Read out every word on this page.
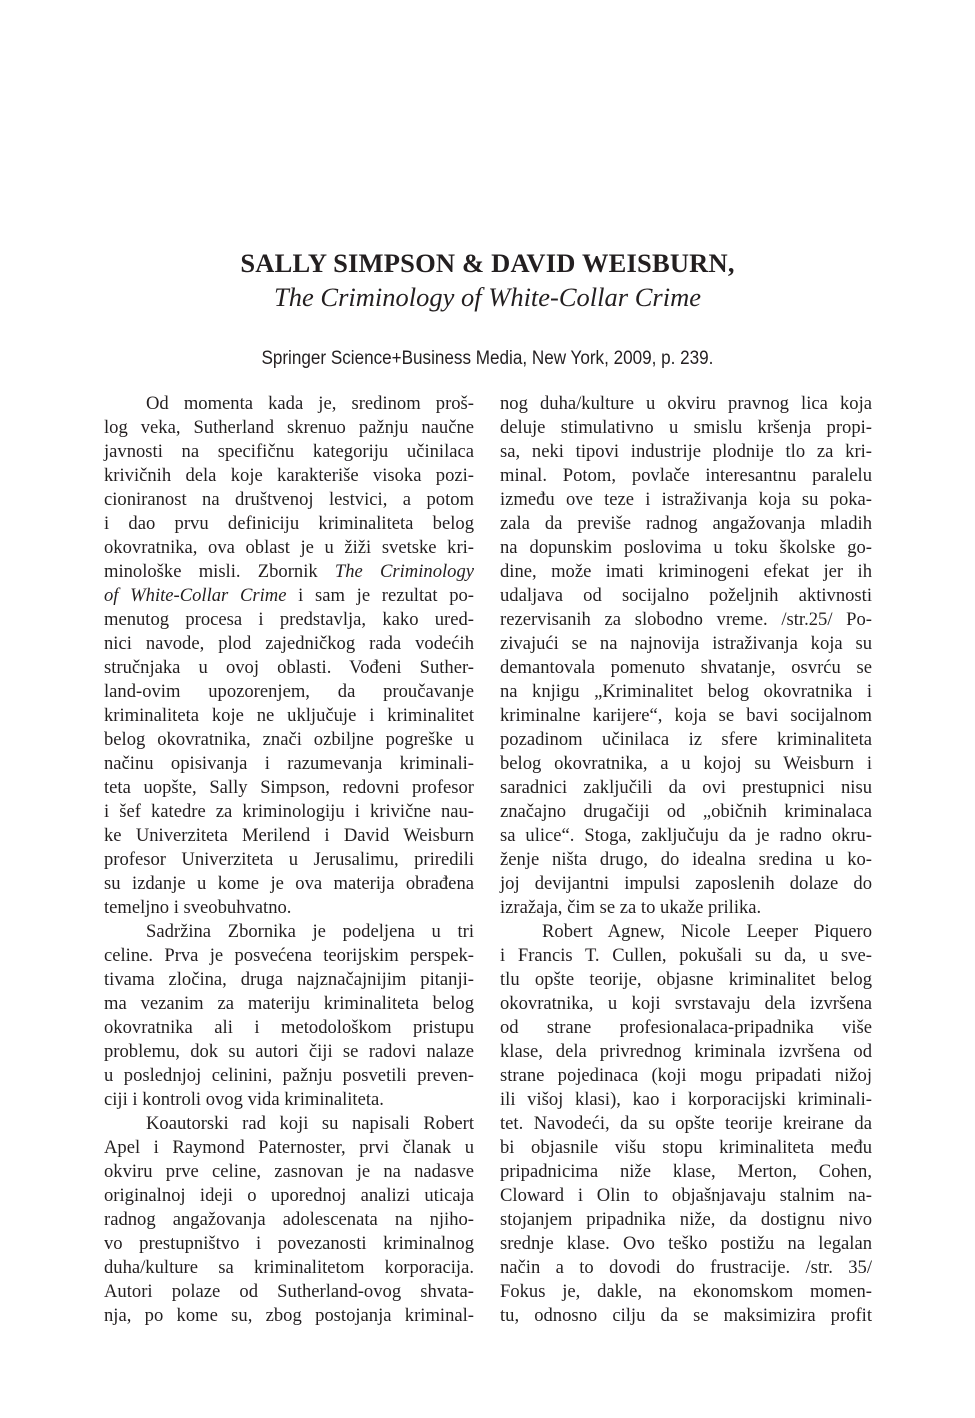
SALLY SIMPSON & DAVID WEISBURN,
The Criminology of White-Collar Crime
Springer Science+Business Media, New York, 2009, p. 239.
Od momenta kada je, sredinom proš-
log veka, Sutherland skrenuo pažnju naučne
javnosti na specifičnu kategoriju učinilaca
krivičnih dela koje karakteriše visoka pozi-
cioniranost na društvenoj lestvici, a potom
i dao prvu definiciju kriminaliteta belog
okovratnika, ova oblast je u žiži svetske kri-
minološke misli. Zbornik The Criminology
of White-Collar Crime i sam je rezultat po-
menutog procesa i predstavlja, kako ured-
nici navode, plod zajedničkog rada vodećih
stručnjaka u ovoj oblasti. Vođeni Suther-
land-ovim upozorenjem, da proučavanje
kriminaliteta koje ne uključuje i kriminalitet
belog okovratnika, znači ozbiljne pogreške u
načinu opisivanja i razumevanja kriminali-
teta uopšte, Sally Simpson, redovni profesor
i šef katedre za kriminologiju i krivične nau-
ke Univerziteta Merilend i David Weisburn
profesor Univerziteta u Jerusalimu, priredili
su izdanje u kome je ova materija obrađena
temeljno i sveobuhvatno.
Sadržina Zbornika je podeljena u tri
celine. Prva je posvećena teorijskim perspek-
tivama zločina, druga najznačajnijim pitanji-
ma vezanim za materiju kriminaliteta belog
okovratnika ali i metodološkom pristupu
problemu, dok su autori čiji se radovi nalaze
u poslednjoj celinini, pažnju posvetili preven-
ciji i kontroli ovog vida kriminaliteta.
Koautorski rad koji su napisali Robert
Apel i Raymond Paternoster, prvi članak u
okviru prve celine, zasnovan je na nadasve
originalnoj ideji o uporednoj analizi uticaja
radnog angažovanja adolescenata na njiho-
vo prestupništvo i povezanosti kriminalnog
duha/kulture sa kriminalitetom korporacija.
Autori polaze od Sutherland-ovog shvata-
nja, po kome su, zbog postojanja kriminal-
nog duha/kulture u okviru pravnog lica koja
deluje stimulativno u smislu kršenja propi-
sa, neki tipovi industrije plodnije tlo za kri-
minal. Potom, povlače interesantnu paralelu
između ove teze i istraživanja koja su poka-
zala da previše radnog angažovanja mladih
na dopunskim poslovima u toku školske go-
dine, može imati kriminogeni efekat jer ih
udaljava od socijalno poželjnih aktivnosti
rezervisanih za slobodno vreme. /str.25/ Po-
zivajući se na najnovija istraživanja koja su
demantovala pomenuto shvatanje, osvrću se
na knjigu „Kriminalitet belog okovratnika i
kriminalne karijere“, koja se bavi socijalnom
pozadinom učinilaca iz sfere kriminaliteta
belog okovratnika, a u kojoj su Weisburn i
saradnici zaključili da ovi prestupnici nisu
značajno drugačiji od „običnih kriminalaca
sa ulice“. Stoga, zaključuju da je radno okru-
ženje ništa drugo, do idealna sredina u ko-
joj devijantni impulsi zaposlenih dolaze do
izražaja, čim se za to ukaže prilika.
Robert Agnew, Nicole Leeper Piquero
i Francis T. Cullen, pokušali su da, u sve-
tlu opšte teorije, objasne kriminalitet belog
okovratnika, u koji svrstavaju dela izvršena
od strane profesionalaca-pripadnika više
klase, dela privrednog kriminala izvršena od
strane pojedinaca (koji mogu pripadati nižoj
ili višoj klasi), kao i korporacijski kriminali-
tet. Navodeći, da su opšte teorije kreirane da
bi objasnile višu stopu kriminaliteta među
pripadnicima niže klase, Merton, Cohen,
Cloward i Olin to objašnjavaju stalnim na-
stojanjem pripadnika niže, da dostignu nivo
srednje klase. Ovo teško postižu na legalan
način a to dovodi do frustracije. /str. 35/
Fokus je, dakle, na ekonomskom momen-
tu, odnosno cilju da se maksimizira profit
